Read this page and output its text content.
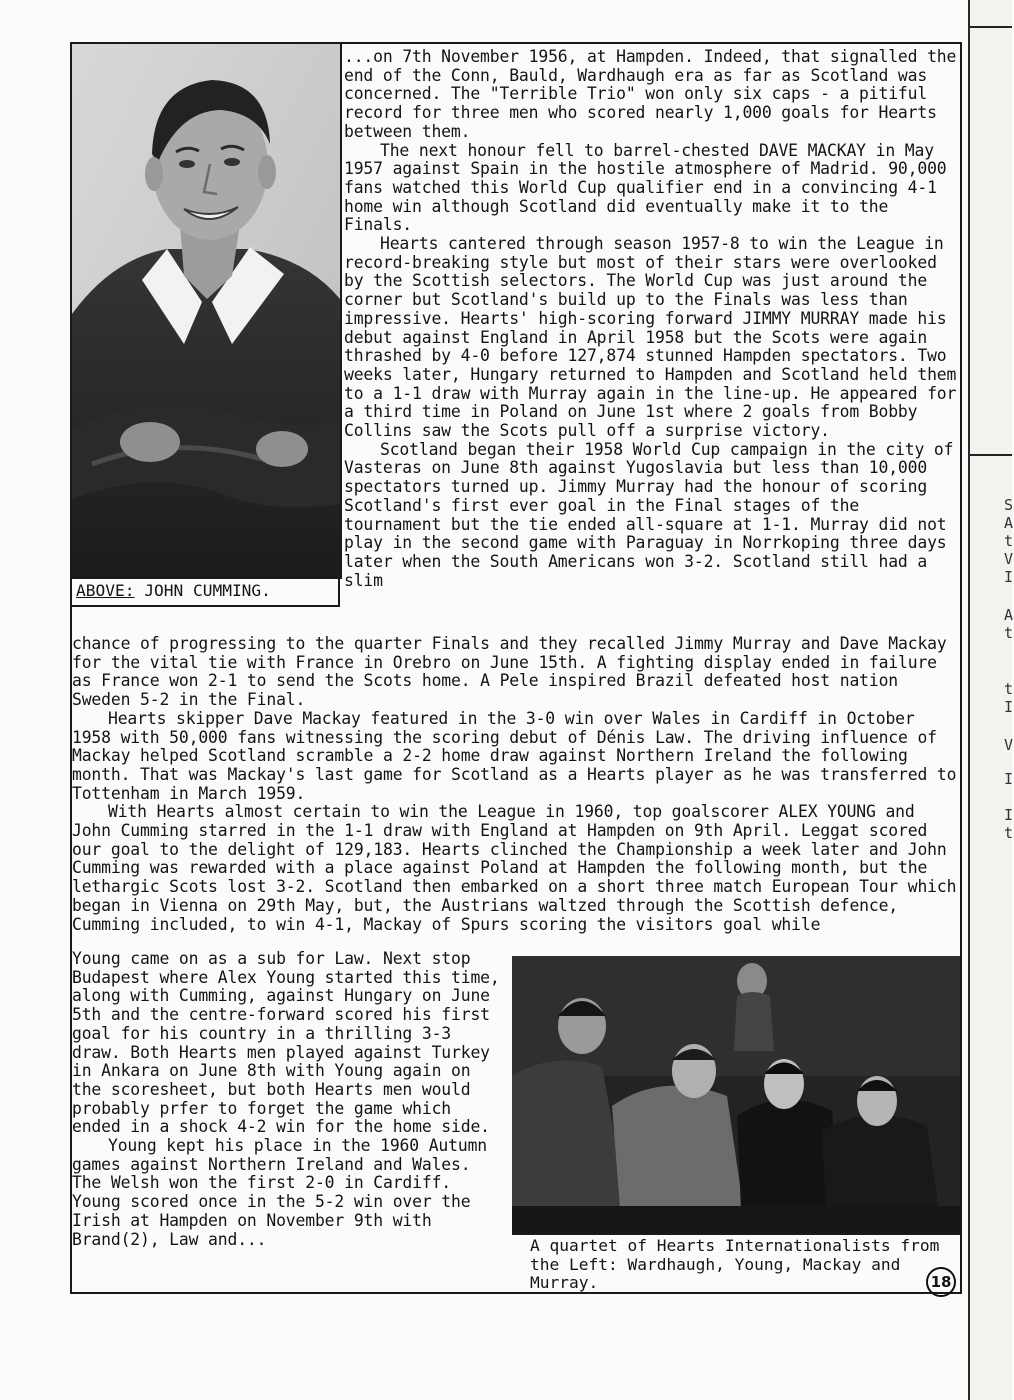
S
A
t
V
I
A
t
t
I
V
I
I
t
ABOVE: JOHN CUMMING.

...on 7th November 1956, at Hampden. Indeed, that signalled the end of the Conn, Bauld, Wardhaugh era as far as Scotland was concerned. The "Terrible Trio" won only six caps - a pitiful record for three men who scored nearly 1,000 goals for Hearts between them.

The next honour fell to barrel-chested DAVE MACKAY in May 1957 against Spain in the hostile atmosphere of Madrid. 90,000 fans watched this World Cup qualifier end in a convincing 4-1 home win although Scotland did eventually make it to the Finals.

Hearts cantered through season 1957-8 to win the League in record-breaking style but most of their stars were overlooked by the Scottish selectors. The World Cup was just around the corner but Scotland's build up to the Finals was less than impressive. Hearts' high-scoring forward JIMMY MURRAY made his debut against England in April 1958 but the Scots were again thrashed by 4-0 before 127,874 stunned Hampden spectators. Two weeks later, Hungary returned to Hampden and Scotland held them to a 1-1 draw with Murray again in the line-up. He appeared for a third time in Poland on June 1st where 2 goals from Bobby Collins saw the Scots pull off a surprise victory.

Scotland began their 1958 World Cup campaign in the city of Vasteras on June 8th against Yugoslavia but less than 10,000 spectators turned up. Jimmy Murray had the honour of scoring Scotland's first ever goal in the Final stages of the tournament but the tie ended all-square at 1-1. Murray did not play in the second game with Paraguay in Norrkoping three days later when the South Americans won 3-2. Scotland still had a slim

chance of progressing to the quarter Finals and they recalled Jimmy Murray and Dave Mackay for the vital tie with France in Orebro on June 15th. A fighting display ended in failure as France won 2-1 to send the Scots home. A Pele inspired Brazil defeated host nation Sweden 5-2 in the Final.

Hearts skipper Dave Mackay featured in the 3-0 win over Wales in Cardiff in October 1958 with 50,000 fans witnessing the scoring debut of Dénis Law. The driving influence of Mackay helped Scotland scramble a 2-2 home draw against Northern Ireland the following month. That was Mackay's last game for Scotland as a Hearts player as he was transferred to Tottenham in March 1959.

With Hearts almost certain to win the League in 1960, top goalscorer ALEX YOUNG and John Cumming starred in the 1-1 draw with England at Hampden on 9th April. Leggat scored our goal to the delight of 129,183. Hearts clinched the Championship a week later and John Cumming was rewarded with a place against Poland at Hampden the following month, but the lethargic Scots lost 3-2. Scotland then embarked on a short three match European Tour which began in Vienna on 29th May, but, the Austrians waltzed through the Scottish defence, Cumming included, to win 4-1, Mackay of Spurs scoring the visitors goal while

Young came on as a sub for Law. Next stop Budapest where Alex Young started this time, along with Cumming, against Hungary on June 5th and the centre-forward scored his first goal for his country in a thrilling 3-3 draw. Both Hearts men played against Turkey in Ankara on June 8th with Young again on the scoresheet, but both Hearts men would probably prfer to forget the game which ended in a shock 4-2 win for the home side.

Young kept his place in the 1960 Autumn games against Northern Ireland and Wales. The Welsh won the first 2-0 in Cardiff. Young scored once in the 5-2 win over the Irish at Hampden on November 9th with Brand(2), Law and...	A quartet of Hearts Internationalists from the Left: Wardhaugh, Young, Mackay and Murray.	18
